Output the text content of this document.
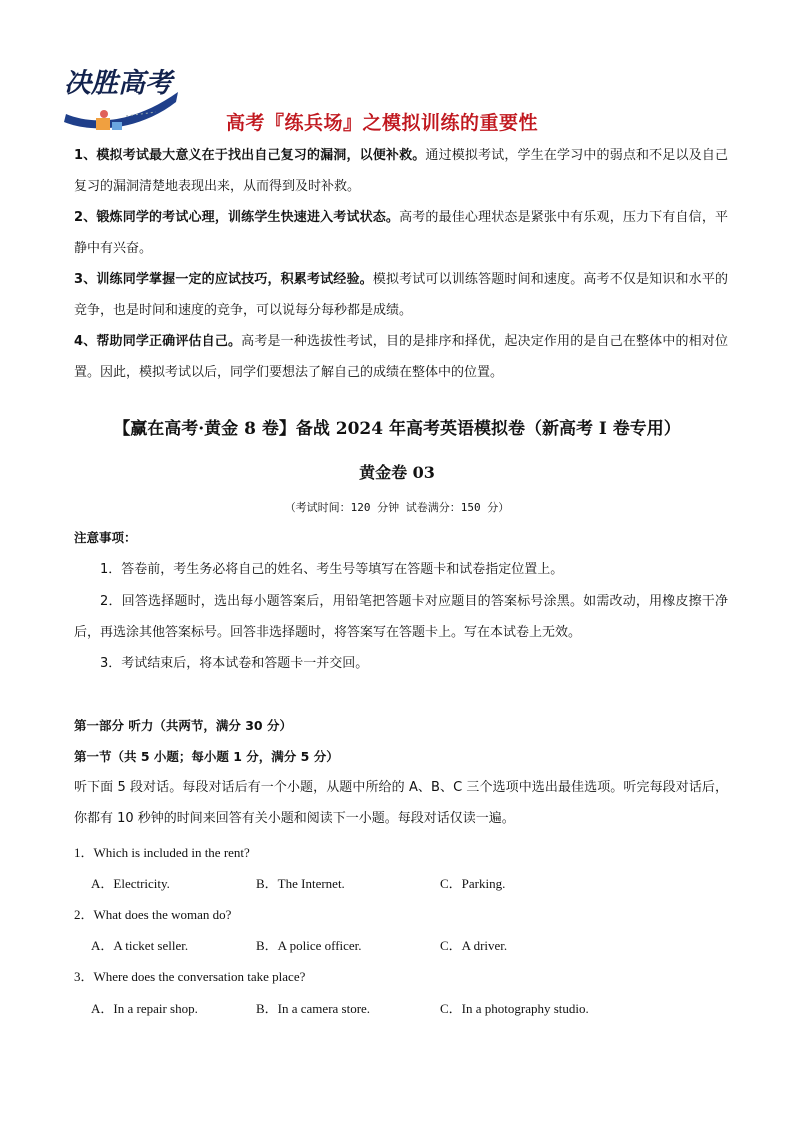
决胜高考
高考『练兵场』之模拟训练的重要性
1、模拟考试最大意义在于找出自己复习的漏洞，以便补救。通过模拟考试，学生在学习中的弱点和不足以及自己复习的漏洞清楚地表现出来，从而得到及时补救。
2、锻炼同学的考试心理，训练学生快速进入考试状态。高考的最佳心理状态是紧张中有乐观，压力下有自信，平静中有兴奋。
3、训练同学掌握一定的应试技巧，积累考试经验。模拟考试可以训练答题时间和速度。高考不仅是知识和水平的竞争，也是时间和速度的竞争，可以说每分每秒都是成绩。
4、帮助同学正确评估自己。高考是一种选拔性考试，目的是排序和择优，起决定作用的是自己在整体中的相对位置。因此，模拟考试以后，同学们要想法了解自己的成绩在整体中的位置。
【赢在高考·黄金 8 卷】备战 2024 年高考英语模拟卷（新高考 I 卷专用）
黄金卷 03
（考试时间：120 分钟 试卷满分：150 分）
注意事项：
1．答卷前，考生务必将自己的姓名、考生号等填写在答题卡和试卷指定位置上。
2．回答选择题时，选出每小题答案后，用铅笔把答题卡对应题目的答案标号涂黑。如需改动，用橡皮擦干净后，再选涂其他答案标号。回答非选择题时，将答案写在答题卡上。写在本试卷上无效。
3．考试结束后，将本试卷和答题卡一并交回。
第一部分 听力（共两节，满分 30 分）
第一节（共 5 小题；每小题 1 分，满分 5 分）
听下面 5 段对话。每段对话后有一个小题，从题中所给的 A、B、C 三个选项中选出最佳选项。听完每段对话后，你都有 10 秒钟的时间来回答有关小题和阅读下一小题。每段对话仅读一遍。
1．Which is included in the rent?
A．Electricity.	B．The Internet.	C．Parking.
2．What does the woman do?
A．A ticket seller.	B．A police officer.	C．A driver.
3．Where does the conversation take place?
A．In a repair shop.	B．In a camera store.	C．In a photography studio.
